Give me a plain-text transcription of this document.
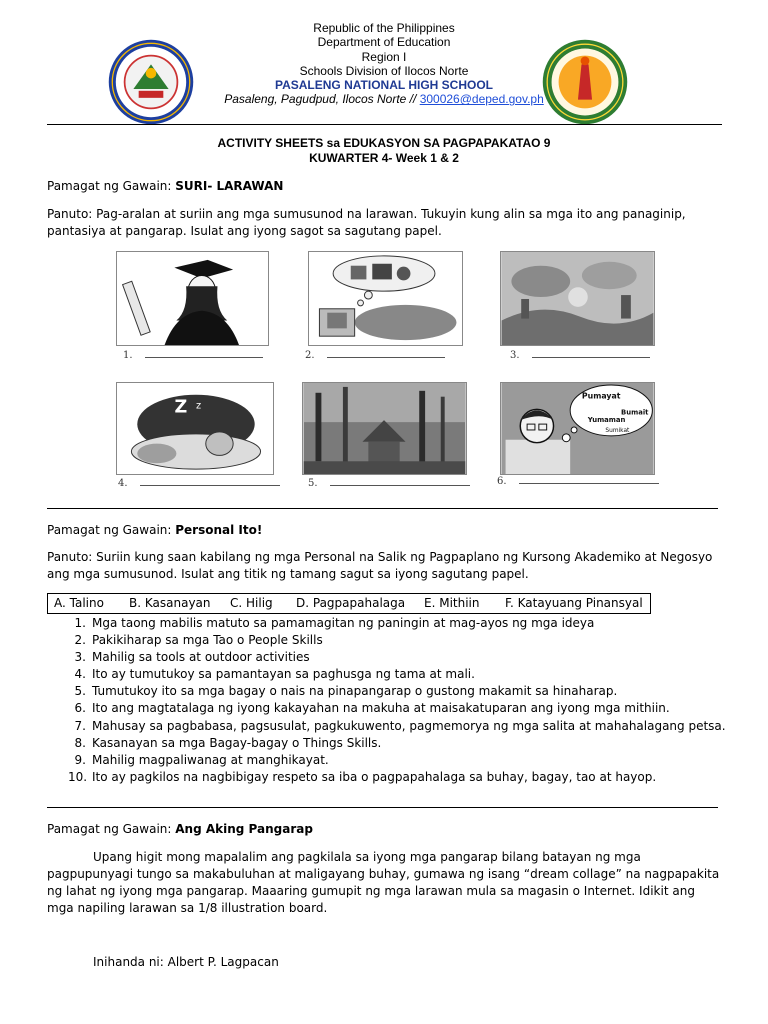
Republic of the Philippines
Department of Education
Region I
Schools Division of Ilocos Norte
PASALENG NATIONAL HIGH SCHOOL
Pasaleng, Pagudpud, Ilocos Norte // 300026@deped.gov.ph
ACTIVITY SHEETS sa EDUKASYON SA PAGPAPAKATAO 9
KUWARTER 4- Week 1 & 2
Pamagat ng Gawain: SURI- LARAWAN
Panuto: Pag-aralan at suriin ang mga sumusunod na larawan. Tukuyin kung alin sa mga ito ang panaginip, pantasiya at pangarap. Isulat ang iyong sagot sa sagutang papel.
1.	2.	3.
Z z
4.	5.
Pumayat
Yumaman
Bumait
Sumikat
6.
Pamagat ng Gawain: Personal Ito!
Panuto: Suriin kung saan kabilang ng mga Personal na Salik ng Pagpaplano ng Kursong Akademiko at Negosyo ang mga sumusunod. Isulat ang titik ng tamang sagut sa iyong sagutang papel.
A. Talino B. Kasanayan C. Hilig D. Pagpapahalaga E. Mithiin F. Katayuang Pinansyal
1. Mga taong mabilis matuto sa pamamagitan ng paningin at mag-ayos ng mga ideya
2. Pakikiharap sa mga Tao o People Skills
3. Mahilig sa tools at outdoor activities
4. Ito ay tumutukoy sa pamantayan sa paghusga ng tama at mali.
5. Tumutukoy ito sa mga bagay o nais na pinapangarap o gustong makamit sa hinaharap.
6. Ito ang magtatalaga ng iyong kakayahan na makuha at maisakatuparan ang iyong mga mithiin.
7. Mahusay sa pagbabasa, pagsusulat, pagkukuwento, pagmemorya ng mga salita at mahahalagang petsa.
8. Kasanayan sa mga Bagay-bagay o Things Skills.
9. Mahilig magpaliwanag at manghikayat.
10. Ito ay pagkilos na nagbibigay respeto sa iba o pagpapahalaga sa buhay, bagay, tao at hayop.
Pamagat ng Gawain: Ang Aking Pangarap
Upang higit mong mapalalim ang pagkilala sa iyong mga pangarap bilang batayan ng mga pagpupunyagi tungo sa makabuluhan at maligayang buhay, gumawa ng isang “dream collage” na nagpapakita ng lahat ng iyong mga pangarap. Maaaring gumupit ng mga larawan mula sa magasin o Internet. Idikit ang mga napiling larawan sa 1/8 illustration board.
Inihanda ni: Albert P. Lagpacan
